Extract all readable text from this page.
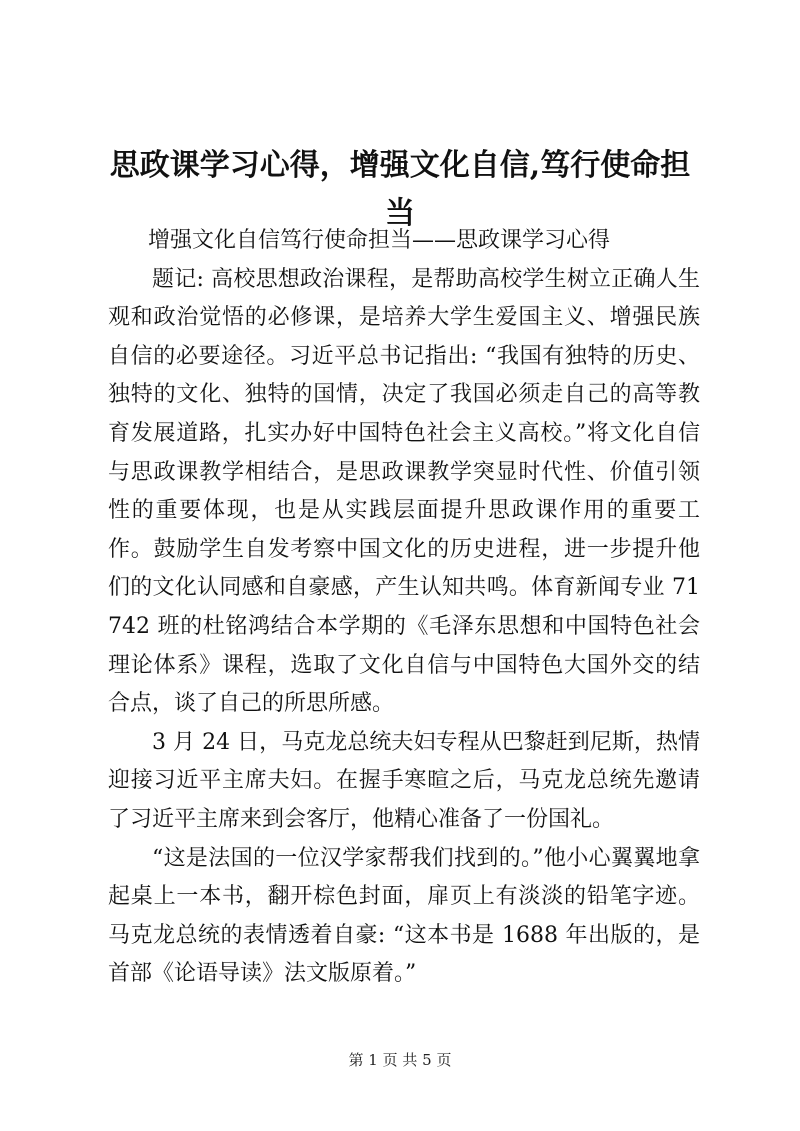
思政课学习心得，增强文化自信,笃行使命担当

增强文化自信笃行使命担当——思政课学习心得

题记: 高校思想政治课程，是帮助高校学生树立正确人生观和政治觉悟的必修课，是培养大学生爱国主义、增强民族自信的必要途径。习近平总书记指出: “我国有独特的历史、独特的文化、独特的国情，决定了我国必须走自己的高等教育发展道路，扎实办好中国特色社会主义高校。”将文化自信与思政课教学相结合，是思政课教学突显时代性、价值引领性的重要体现，也是从实践层面提升思政课作用的重要工作。鼓励学生自发考察中国文化的历史进程，进一步提升他们的文化认同感和自豪感，产生认知共鸣。体育新闻专业 71742 班的杜铭鸿结合本学期的《毛泽东思想和中国特色社会理论体系》课程，选取了文化自信与中国特色大国外交的结合点，谈了自己的所思所感。

3 月 24 日，马克龙总统夫妇专程从巴黎赶到尼斯，热情迎接习近平主席夫妇。在握手寒暄之后，马克龙总统先邀请了习近平主席来到会客厅，他精心准备了一份国礼。

“这是法国的一位汉学家帮我们找到的。”他小心翼翼地拿起桌上一本书，翻开棕色封面，扉页上有淡淡的铅笔字迹。马克龙总统的表情透着自豪: “这本书是 1688 年出版的，是首部《论语导读》法文版原着。”

第 1 页 共 5 页
